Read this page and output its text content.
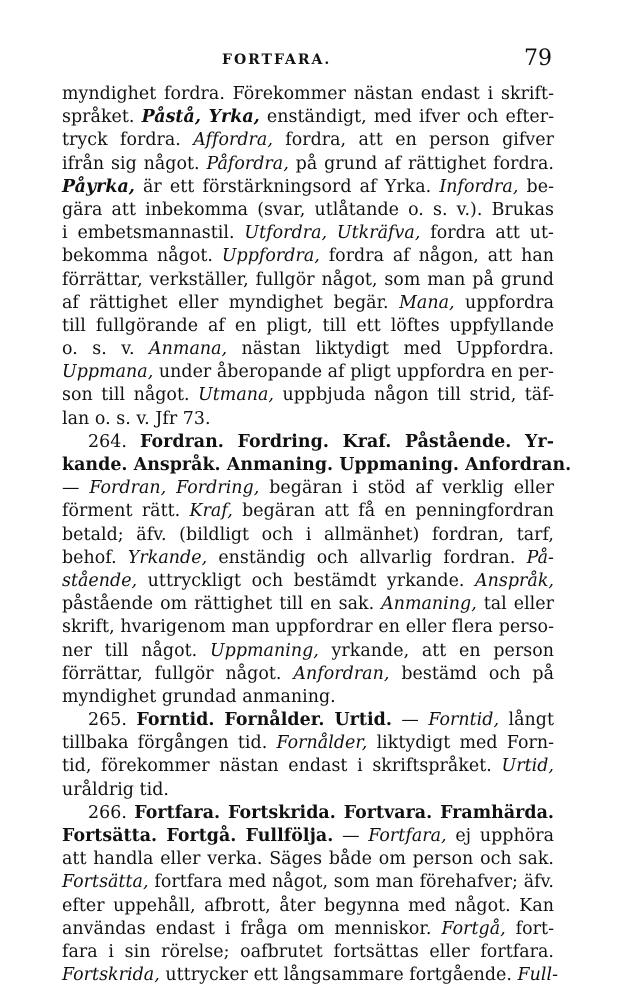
FORTFARA.	79
myndighet fordra. Förekommer nästan endast i skrift-
språket. Påstå, Yrka, enständigt, med ifver och efter-
tryck fordra. Affordra, fordra, att en person gifver
ifrån sig något. Påfordra, på grund af rättighet fordra.
Påyrka, är ett förstärkningsord af Yrka. Infordra, be-
gära att inbekomma (svar, utlåtande o. s. v.). Brukas
i embetsmannastil. Utfordra, Utkräfva, fordra att ut-
bekomma något. Uppfordra, fordra af någon, att han
förrättar, verkställer, fullgör något, som man på grund
af rättighet eller myndighet begär. Mana, uppfordra
till fullgörande af en pligt, till ett löftes uppfyllande
o. s. v. Anmana, nästan liktydigt med Uppfordra.
Uppmana, under åberopande af pligt uppfordra en per-
son till något. Utmana, uppbjuda någon till strid, täf-
lan o. s. v. Jfr 73.
264. Fordran. Fordring. Kraf. Påstående. Yr-
kande. Anspråk. Anmaning. Uppmaning. Anfordran.
— Fordran, Fordring, begäran i stöd af verklig eller
förment rätt. Kraf, begäran att få en penningfordran
betald; äfv. (bildligt och i allmänhet) fordran, tarf,
behof. Yrkande, enständig och allvarlig fordran. På-
stående, uttryckligt och bestämdt yrkande. Anspråk,
påstående om rättighet till en sak. Anmaning, tal eller
skrift, hvarigenom man uppfordrar en eller flera perso-
ner till något. Uppmaning, yrkande, att en person
förrättar, fullgör något. Anfordran, bestämd och på
myndighet grundad anmaning.
265. Forntid. Fornålder. Urtid. — Forntid, långt
tillbaka förgången tid. Fornålder, liktydigt med Forn-
tid, förekommer nästan endast i skriftspråket. Urtid,
uråldrig tid.
266. Fortfara. Fortskrida. Fortvara. Framhärda.
Fortsätta. Fortgå. Fullfölja. — Fortfara, ej upphöra
att handla eller verka. Säges både om person och sak.
Fortsätta, fortfara med något, som man förehafver; äfv.
efter uppehåll, afbrott, åter begynna med något. Kan
användas endast i fråga om menniskor. Fortgå, fort-
fara i sin rörelse; oafbrutet fortsättas eller fortfara.
Fortskrida, uttrycker ett långsammare fortgående. Full-
